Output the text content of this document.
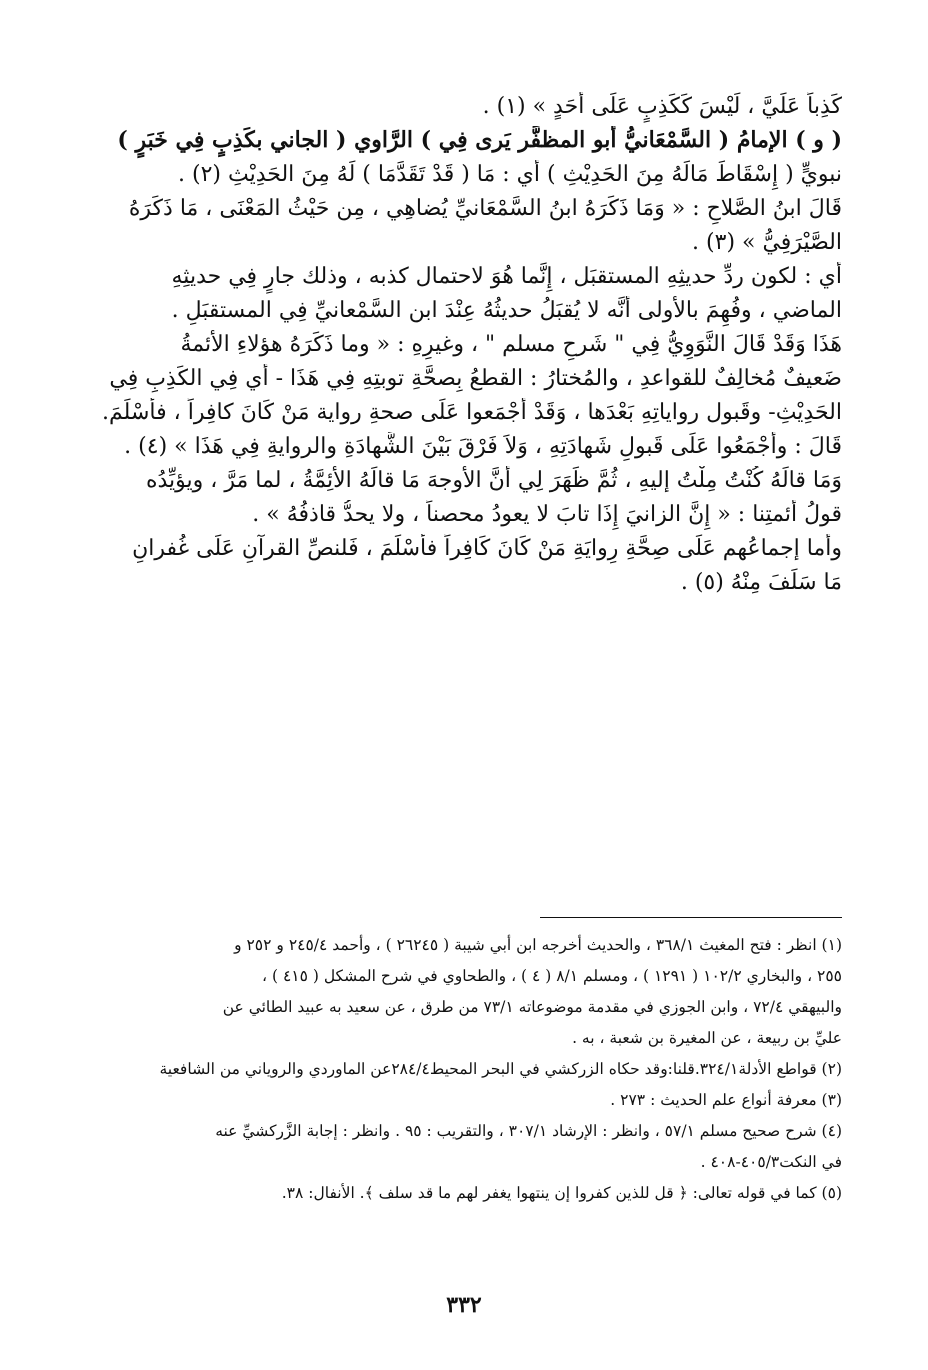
كَذِباً عَلَيَّ ، لَيْسَ كَكَذِبٍ عَلَى أَحَدٍ » (١) .
( و ) الإمامُ ( السَّمْعَانيُّ أَبو المظفَّر يَرى فِي ) الرَّاوي ( الجاني بكَذِبٍ فِي خَبَرٍ )
نبويٍّ ( إِسْقَاطَ مَالَهُ مِنَ الحَدِيْثِ ) أي : مَا ( قَدْ تَقَدَّمَا ) لَهُ مِنَ الحَدِيْثِ (٢) .
قَالَ ابنُ الصَّلاحِ : « وَمَا ذَكَرَهُ ابنُ السَّمْعَانيِّ يُضاهِي ، مِن حَيْثُ المَعْنَى ، مَا ذَكَرَهُ
الصَّيْرَفِيُّ » (٣) .
أي : لكون ردِّ حديثِهِ المستقبَل ، إِنَّما هُوَ لاحتمال كذبه ، وذلك جارٍ فِي حديثِهِ
الماضي ، وفُهِمَ بالأولى أَنَّه لا يُقبَلُ حديثُهُ عِنْدَ ابن السَّمْعانيِّ فِي المستقبَلِ .
هَذَا وَقَدْ قَالَ النَّوَوِيُّ فِي " شَرحِ مسلم " ، وغيرِهِ : « وما ذَكَرَهُ هؤلاءِ الأئمةُ
ضَعيفٌ مُخالِفٌ للقواعدِ ، والمُختارُ : القطعُ بِصحَّةِ توبتِهِ فِي هَذَا - أي فِي الكَذِبِ فِي
الحَدِيْثِ- وقَبول رواياتِهِ بَعْدَها ، وَقَدْ أَجْمَعوا عَلَى صحةِ رواية مَنْ كَانَ كافِراً ، فأَسْلَمَ.
قَالَ : وأَجْمَعُوا عَلَى قَبولِ شَهادَتِهِ ، وَلاَ فَرْقَ بَيْنَ الشَّهادَةِ والروايةِ فِي هَذَا » (٤) .
وَمَا قالَهُ كُنْتُ مِلْتُ إليهِ ، ثُمَّ ظَهَرَ لِي أنَّ الأوجهَ مَا قالَهُ الأئِمَّةُ ، لما مَرَّ ، ويؤيِّدُه
قولُ أئمتِنا : « إِنَّ الزانيَ إِذَا تابَ لا يعودُ محصناً ، ولا يحدُّ قاذفُهُ » .
وأما إجماعُهم عَلَى صِحَّةِ رِوايَةِ مَنْ كَانَ كَافِراً فأَسْلَمَ ، فَلنصِّ القرآنِ عَلَى غُفرانِ
مَا سَلَفَ مِنْهُ (٥) .
(١) انظر : فتح المغيث ٣٦٨/١ ، والحديث أخرجه ابن أبي شيبة ( ٢٦٢٤٥ ) ، وأحمد ٢٤٥/٤ و ٢٥٢ و
٢٥٥ ، والبخاري ١٠٢/٢ ( ١٢٩١ ) ، ومسلم ٨/١ ( ٤ ) ، والطحاوي في شرح المشكل ( ٤١٥ ) ،
والبيهقي ٧٢/٤ ، وابن الجوزي في مقدمة موضوعاته ٧٣/١ من طرق ، عن سعيد به عبيد الطائي عن
عليِّ بن ربيعة ، عن المغيرة بن شعبة ، به .
(٢) قواطع الأدلة٣٢٤/١.قلنا:وقد حكاه الزركشي في البحر المحيط٢٨٤/٤عن الماوردي والروياني من الشافعية
(٣) معرفة أنواع علم الحديث : ٢٧٣ .
(٤) شرح صحيح مسلم ٥٧/١ ، وانظر : الإرشاد ٣٠٧/١ ، والتقريب : ٩٥ . وانظر : إجابة الزَّركشيِّ عنه
في النكت٤٠٥/٣-٤٠٨ .
(٥) كما في قوله تعالى: ﴿ قل للذين كفروا إن ينتهوا يغفر لهم ما قد سلف ﴾. الأنفال: ٣٨.
٣٣٢
